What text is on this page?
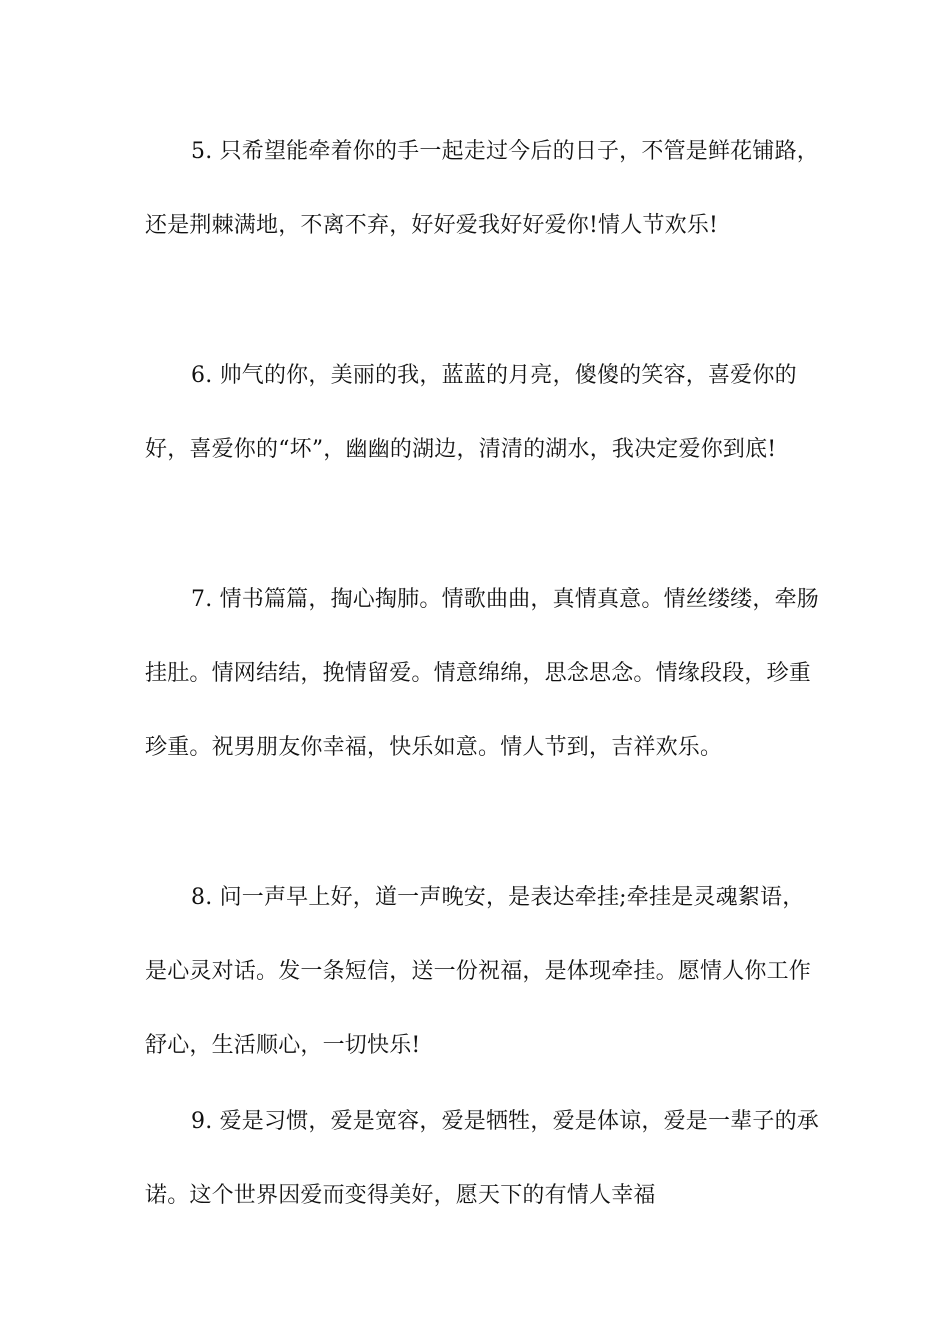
5. 只希望能牵着你的手一起走过今后的日子，不管是鲜花铺路，还是荆棘满地，不离不弃，好好爱我好好爱你!情人节欢乐!

6. 帅气的你，美丽的我，蓝蓝的月亮，傻傻的笑容，喜爱你的好，喜爱你的“坏”，幽幽的湖边，清清的湖水，我决定爱你到底!

7. 情书篇篇，掏心掏肺。情歌曲曲，真情真意。情丝缕缕，牵肠挂肚。情网结结，挽情留爱。情意绵绵，思念思念。情缘段段，珍重珍重。祝男朋友你幸福，快乐如意。情人节到，吉祥欢乐。

8. 问一声早上好，道一声晚安，是表达牵挂;牵挂是灵魂絮语，是心灵对话。发一条短信，送一份祝福，是体现牵挂。愿情人你工作舒心，生活顺心，一切快乐!

9. 爱是习惯，爱是宽容，爱是牺牲，爱是体谅，爱是一辈子的承诺。这个世界因爱而变得美好，愿天下的有情人幸福
